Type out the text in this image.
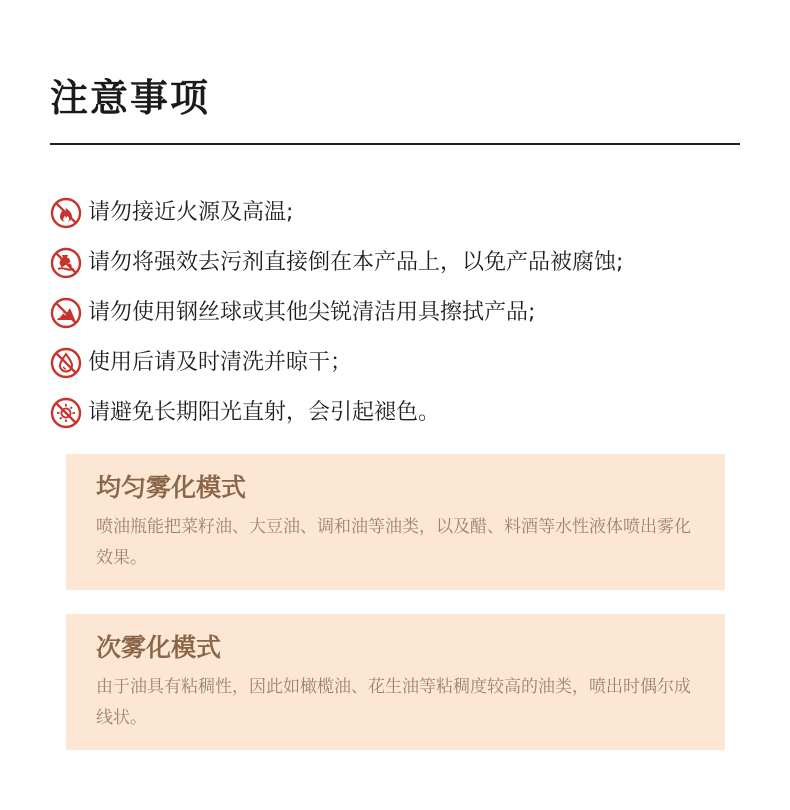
注意事项
请勿接近火源及高温;
请勿将强效去污剂直接倒在本产品上，以免产品被腐蚀;
请勿使用钢丝球或其他尖锐清洁用具擦拭产品;
使用后请及时清洗并晾干；
请避免长期阳光直射，会引起褪色。
均匀雾化模式
喷油瓶能把菜籽油、大豆油、调和油等油类，以及醋、料酒等水性液体喷出雾化效果。
次雾化模式
由于油具有粘稠性，因此如橄榄油、花生油等粘稠度较高的油类，喷出时偶尔成线状。
